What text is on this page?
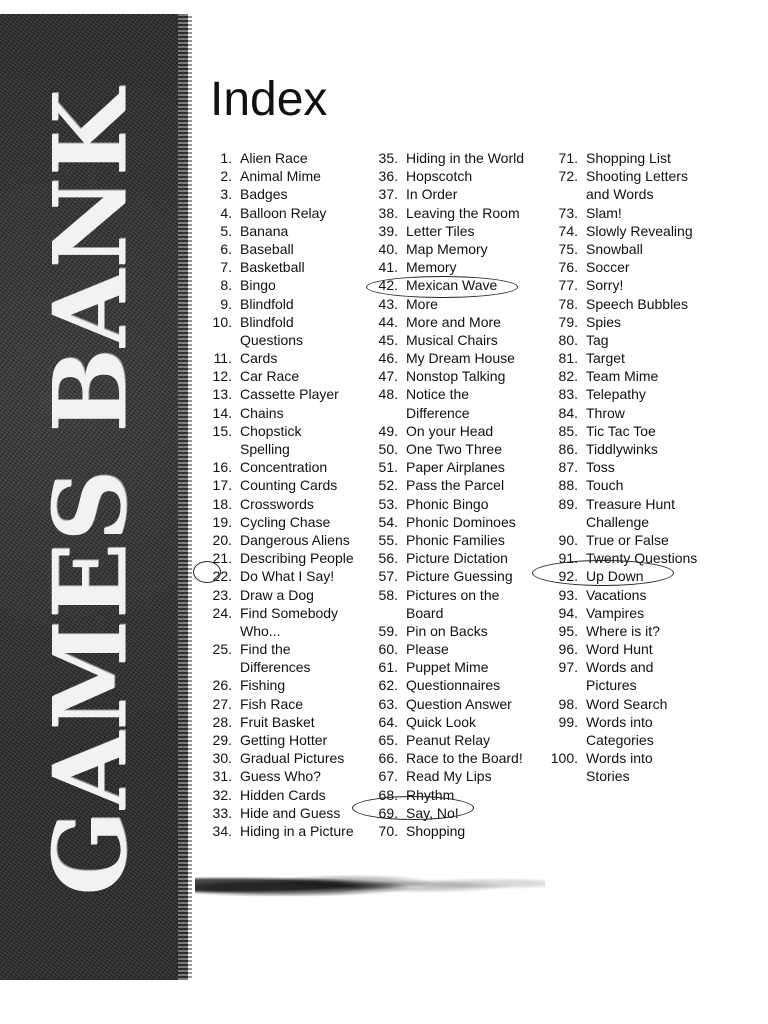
GAMES BANK Index
1. Alien Race
2. Animal Mime
3. Badges
4. Balloon Relay
5. Banana
6. Baseball
7. Basketball
8. Bingo
9. Blindfold
10. Blindfold
Questions
11. Cards
12. Car Race
13. Cassette Player
14. Chains
15. Chopstick
Spelling
16. Concentration
17. Counting Cards
18. Crosswords
19. Cycling Chase
20. Dangerous Aliens
21. Describing People
22. Do What I Say!
23. Draw a Dog
24. Find Somebody
Who...
25. Find the
Differences
26. Fishing
27. Fish Race
28. Fruit Basket
29. Getting Hotter
30. Gradual Pictures
31. Guess Who?
32. Hidden Cards
33. Hide and Guess
34. Hiding in a Picture
35. Hiding in the World
36. Hopscotch
37. In Order
38. Leaving the Room
39. Letter Tiles
40. Map Memory
41. Memory
42. Mexican Wave
43. More
44. More and More
45. Musical Chairs
46. My Dream House
47. Nonstop Talking
48. Notice the
Difference
49. On your Head
50. One Two Three
51. Paper Airplanes
52. Pass the Parcel
53. Phonic Bingo
54. Phonic Dominoes
55. Phonic Families
56. Picture Dictation
57. Picture Guessing
58. Pictures on the
Board
59. Pin on Backs
60. Please
61. Puppet Mime
62. Questionnaires
63. Question Answer
64. Quick Look
65. Peanut Relay
66. Race to the Board!
67. Read My Lips
68. Rhythm
69. Say, No!
70. Shopping
71. Shopping List
72. Shooting Letters
and Words
73. Slam!
74. Slowly Revealing
75. Snowball
76. Soccer
77. Sorry!
78. Speech Bubbles
79. Spies
80. Tag
81. Target
82. Team Mime
83. Telepathy
84. Throw
85. Tic Tac Toe
86. Tiddlywinks
87. Toss
88. Touch
89. Treasure Hunt
Challenge
90. True or False
91. Twenty Questions
92. Up Down
93. Vacations
94. Vampires
95. Where is it?
96. Word Hunt
97. Words and
Pictures
98. Word Search
99. Words into
Categories
100. Words into
Stories
